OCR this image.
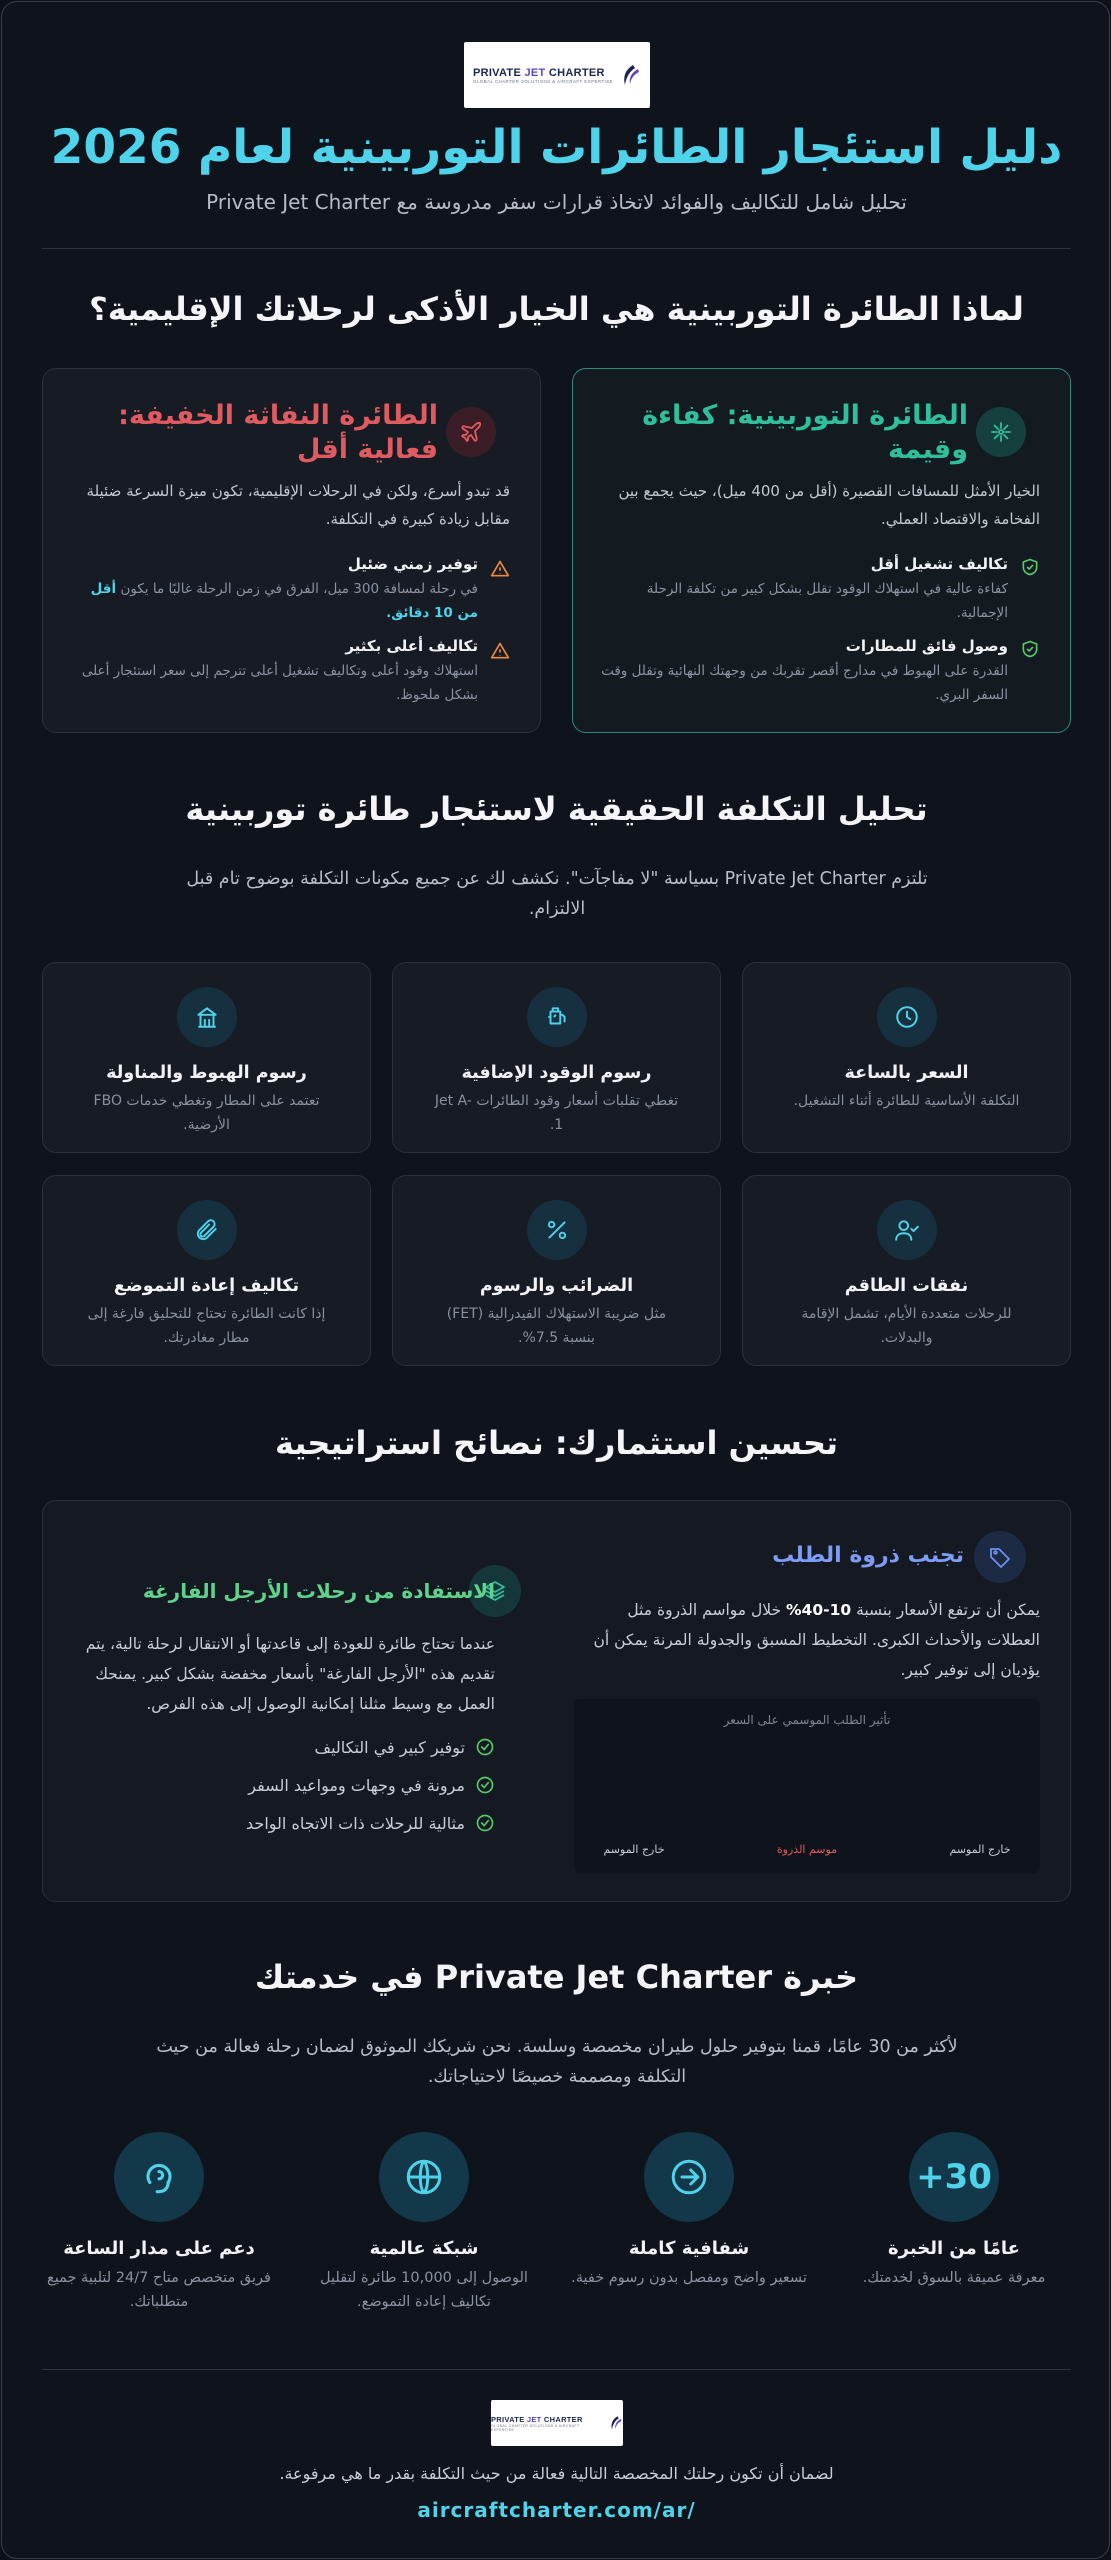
PRIVATE JET CHARTER
GLOBAL CHARTER SOLUTIONS & AIRCRAFT EXPERTISE
دليل استئجار الطائرات التوربينية لعام 2026
تحليل شامل للتكاليف والفوائد لاتخاذ قرارات سفر مدروسة مع Private Jet Charter
لماذا الطائرة التوربينية هي الخيار الأذكى لرحلاتك الإقليمية؟
الطائرة التوربينية: كفاءة وقيمة
الخيار الأمثل للمسافات القصيرة (أقل من 400 ميل)، حيث يجمع بين الفخامة والاقتصاد العملي.
تكاليف تشغيل أقل
كفاءة عالية في استهلاك الوقود تقلل بشكل كبير من تكلفة الرحلة الإجمالية.
وصول فائق للمطارات
القدرة على الهبوط في مدارج أقصر تقربك من وجهتك النهائية وتقلل وقت السفر البري.
الطائرة النفاثة الخفيفة: فعالية أقل
قد تبدو أسرع، ولكن في الرحلات الإقليمية، تكون ميزة السرعة ضئيلة مقابل زيادة كبيرة في التكلفة.
توفير زمني ضئيل
في رحلة لمسافة 300 ميل، الفرق في زمن الرحلة غالبًا ما يكون أقل من 10 دقائق.
تكاليف أعلى بكثير
استهلاك وقود أعلى وتكاليف تشغيل أعلى تترجم إلى سعر استئجار أعلى بشكل ملحوظ.
تحليل التكلفة الحقيقية لاستئجار طائرة توربينية
تلتزم Private Jet Charter بسياسة "لا مفاجآت". نكشف لك عن جميع مكونات التكلفة بوضوح تام قبل الالتزام.
السعر بالساعة
التكلفة الأساسية للطائرة أثناء التشغيل.
رسوم الوقود الإضافية
تغطي تقلبات أسعار وقود الطائرات Jet A-1.
رسوم الهبوط والمناولة
تعتمد على المطار وتغطي خدمات FBO الأرضية.
نفقات الطاقم
للرحلات متعددة الأيام، تشمل الإقامة والبدلات.
الضرائب والرسوم
مثل ضريبة الاستهلاك الفيدرالية (FET) بنسبة 7.5%.
تكاليف إعادة التموضع
إذا كانت الطائرة تحتاج للتحليق فارغة إلى مطار مغادرتك.
تحسين استثمارك: نصائح استراتيجية
تجنب ذروة الطلب
يمكن أن ترتفع الأسعار بنسبة 10-40% خلال مواسم الذروة مثل العطلات والأحداث الكبرى. التخطيط المسبق والجدولة المرنة يمكن أن يؤديان إلى توفير كبير.
تأثير الطلب الموسمي على السعر
خارج الموسم
موسم الذروة
خارج الموسم
الاستفادة من رحلات الأرجل الفارغة
عندما تحتاج طائرة للعودة إلى قاعدتها أو الانتقال لرحلة تالية، يتم تقديم هذه "الأرجل الفارغة" بأسعار مخفضة بشكل كبير. يمنحك العمل مع وسيط مثلنا إمكانية الوصول إلى هذه الفرص.
توفير كبير في التكاليف
مرونة في وجهات ومواعيد السفر
مثالية للرحلات ذات الاتجاه الواحد
خبرة Private Jet Charter في خدمتك
لأكثر من 30 عامًا، قمنا بتوفير حلول طيران مخصصة وسلسة. نحن شريكك الموثوق لضمان رحلة فعالة من حيث التكلفة ومصممة خصيصًا لاحتياجاتك.
30+
عامًا من الخبرة
معرفة عميقة بالسوق لخدمتك.
شفافية كاملة
تسعير واضح ومفصل بدون رسوم خفية.
شبكة عالمية
الوصول إلى 10,000 طائرة لتقليل تكاليف إعادة التموضع.
دعم على مدار الساعة
فريق متخصص متاح 24/7 لتلبية جميع متطلباتك.
PRIVATE JET CHARTER
GLOBAL CHARTER SOLUTIONS & AIRCRAFT EXPERTISE
لضمان أن تكون رحلتك المخصصة التالية فعالة من حيث التكلفة بقدر ما هي مرفوعة.
/aircraftcharter.com/ar
